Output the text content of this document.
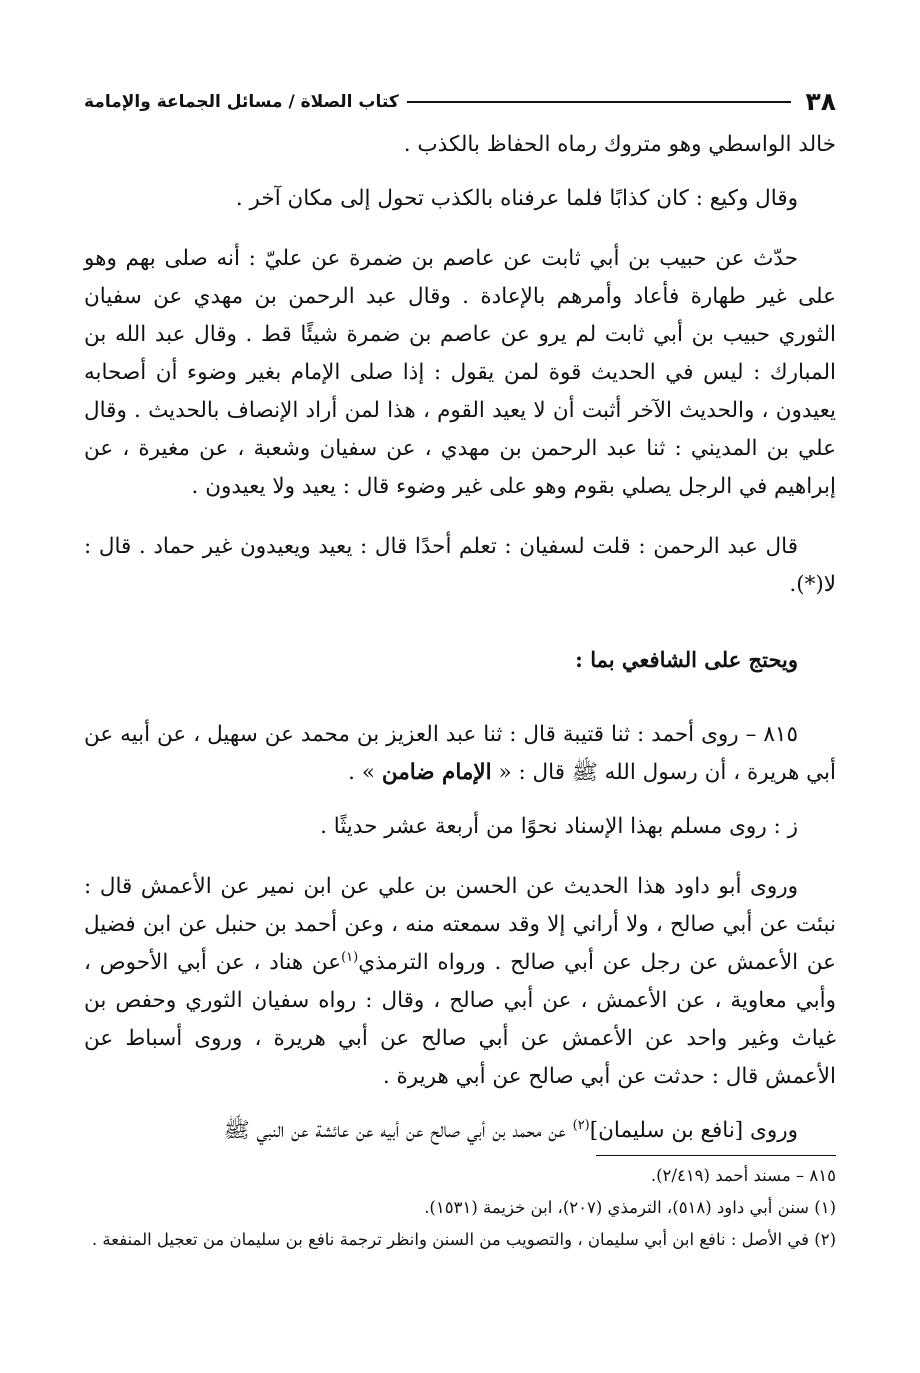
٣٨
كتاب الصلاة / مسائل الجماعة والإمامة

خالد الواسطي وهو متروك رماه الحفاظ بالكذب .

وقال وكيع : كان كذابًا فلما عرفناه بالكذب تحول إلى مكان آخر .

حدّث عن حبيب بن أبي ثابت عن عاصم بن ضمرة عن عليّ : أنه صلى بهم وهو على غير طهارة فأعاد وأمرهم بالإعادة . وقال عبد الرحمن بن مهدي عن سفيان الثوري حبيب بن أبي ثابت لم يرو عن عاصم بن ضمرة شيئًا قط . وقال عبد الله بن المبارك : ليس في الحديث قوة لمن يقول : إذا صلى الإمام بغير وضوء أن أصحابه يعيدون ، والحديث الآخر أثبت أن لا يعيد القوم ، هذا لمن أراد الإنصاف بالحديث . وقال علي بن المديني : ثنا عبد الرحمن بن مهدي ، عن سفيان وشعبة ، عن مغيرة ، عن إبراهيم في الرجل يصلي بقوم وهو على غير وضوء قال : يعيد ولا يعيدون .

قال عبد الرحمن : قلت لسفيان : تعلم أحدًا قال : يعيد ويعيدون غير حماد . قال : لا(*).

ويحتج على الشافعي بما :

٨١٥ – روى أحمد : ثنا قتيبة قال : ثنا عبد العزيز بن محمد عن سهيل ، عن أبيه عن أبي هريرة ، أن رسول الله ﷺ قال : « الإمام ضامن » .

ز : روى مسلم بهذا الإسناد نحوًا من أربعة عشر حديثًا .

وروى أبو داود هذا الحديث عن الحسن بن علي عن ابن نمير عن الأعمش قال : نبئت عن أبي صالح ، ولا أراني إلا وقد سمعته منه ، وعن أحمد بن حنبل عن ابن فضيل عن الأعمش عن رجل عن أبي صالح . ورواه الترمذي$^{(١)}$عن هناد ، عن أبي الأحوص ، وأبي معاوية ، عن الأعمش ، عن أبي صالح ، وقال : رواه سفيان الثوري وحفص بن غياث وغير واحد عن الأعمش عن أبي صالح عن أبي هريرة ، وروى أسباط عن الأعمش قال : حدثت عن أبي صالح عن أبي هريرة .

وروى [نافع بن سليمان]$^{(٢)}$ عن محمد بن أبي صالح عن أبيه عن عائشة عن النبي ﷺ

٨١٥ – مسند أحمد (٢/٤١٩).

(١) سنن أبي داود (٥١٨)، الترمذي (٢٠٧)، ابن خزيمة (١٥٣١).

(٢) في الأصل : نافع ابن أبي سليمان ، والتصويب من السنن وانظر ترجمة نافع بن سليمان من تعجيل المنفعة .
